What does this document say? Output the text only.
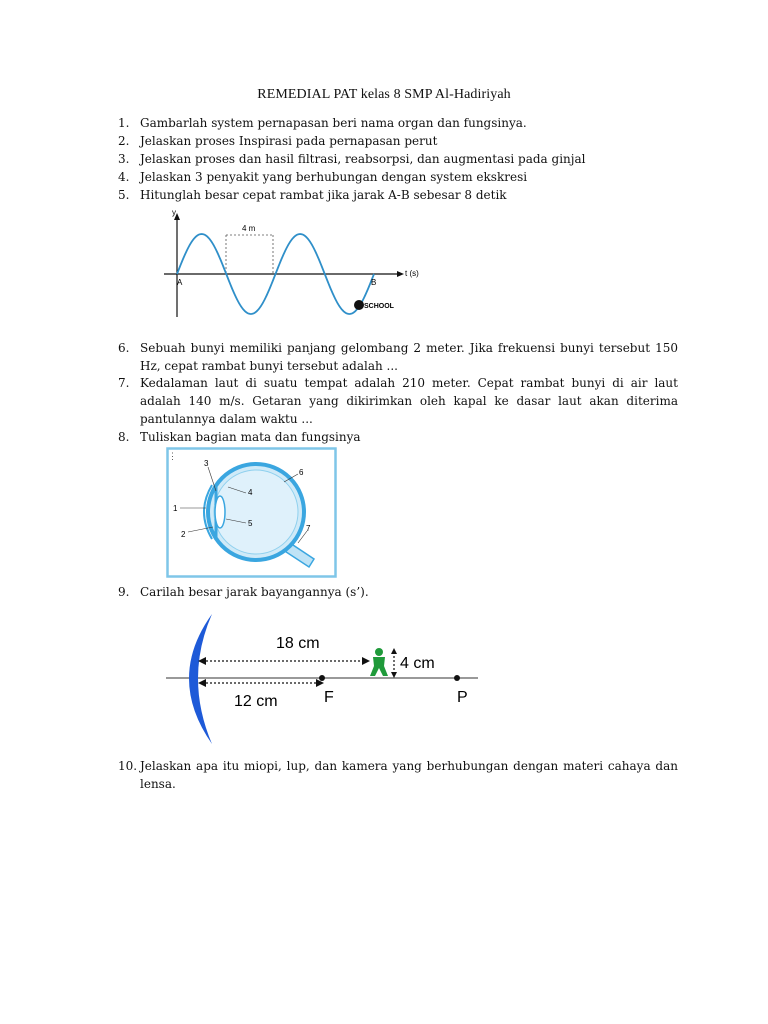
REMEDIAL PAT kelas 8 SMP Al-Hadiriyah
1. Gambarlah system pernapasan beri nama organ dan fungsinya.
2. Jelaskan proses Inspirasi pada pernapasan perut
3. Jelaskan proses dan hasil filtrasi, reabsorpsi, dan augmentasi pada ginjal
4. Jelaskan 3 penyakit yang berhubungan dengan system ekskresi
5. Hitunglah besar cepat rambat jika jarak A-B sebesar 8 detik
y
t (s)
4 m
A	B
SCHOOL
6. Sebuah bunyi memiliki panjang gelombang 2 meter. Jika frekuensi bunyi tersebut 150 Hz, cepat rambat bunyi tersebut adalah ...
7. Kedalaman laut di suatu tempat adalah 210 meter. Cepat rambat bunyi di air laut adalah 140 m/s. Getaran yang dikirimkan oleh kapal ke dasar laut akan diterima pantulannya dalam waktu ...
8. Tuliskan bagian mata dan fungsinya
⋮
1
2
3
4
5
6
7
9. Carilah besar jarak bayangannya (s’).
18 cm
12 cm	F
4 cm
P
10. Jelaskan apa itu miopi, lup, dan kamera yang berhubungan dengan materi cahaya dan lensa.
